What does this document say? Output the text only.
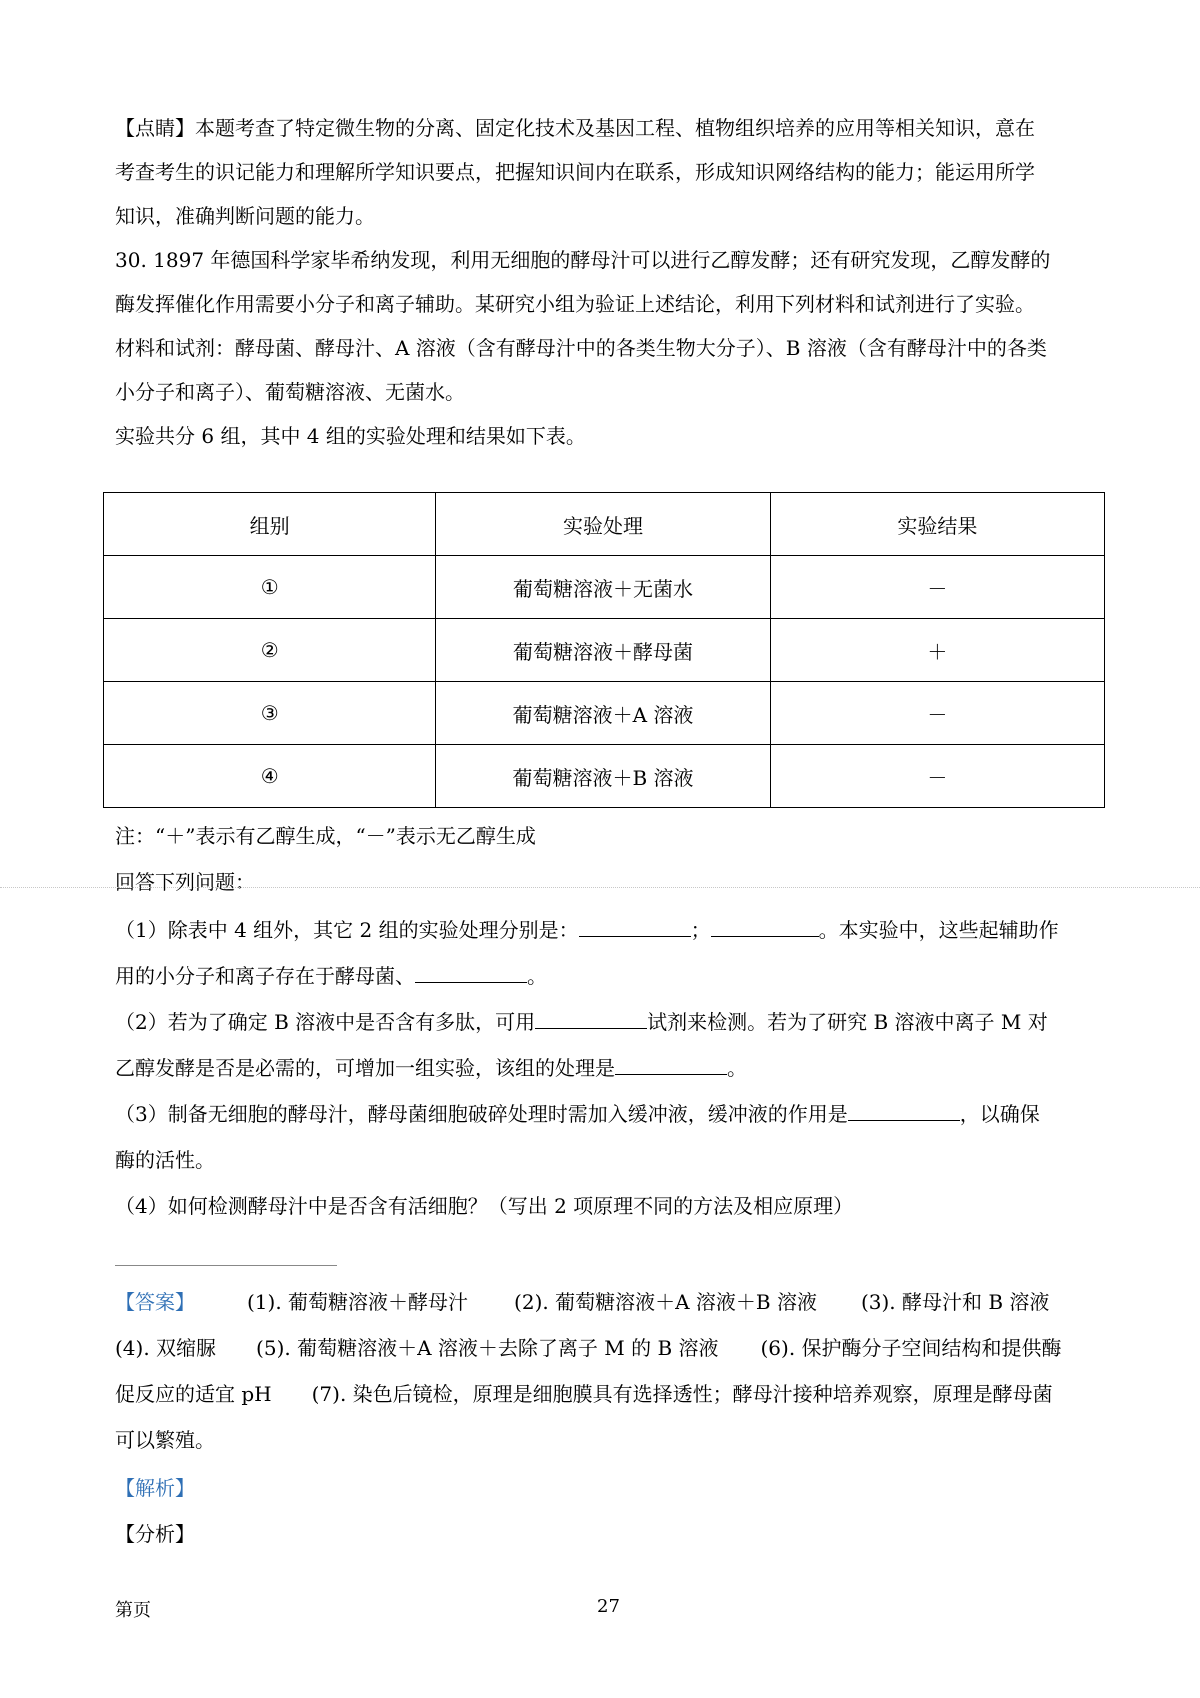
【点睛】本题考查了特定微生物的分离、固定化技术及基因工程、植物组织培养的应用等相关知识，意在
考查考生的识记能力和理解所学知识要点，把握知识间内在联系，形成知识网络结构的能力；能运用所学
知识，准确判断问题的能力。
30. 1897 年德国科学家毕希纳发现，利用无细胞的酵母汁可以进行乙醇发酵；还有研究发现，乙醇发酵的
酶发挥催化作用需要小分子和离子辅助。某研究小组为验证上述结论，利用下列材料和试剂进行了实验。
材料和试剂：酵母菌、酵母汁、A 溶液（含有酵母汁中的各类生物大分子）、B 溶液（含有酵母汁中的各类
小分子和离子）、葡萄糖溶液、无菌水。
实验共分 6 组，其中 4 组的实验处理和结果如下表。
组别	实验处理	实验结果
①	葡萄糖溶液＋无菌水	－
②	葡萄糖溶液＋酵母菌	＋
③	葡萄糖溶液＋A 溶液	－
④	葡萄糖溶液＋B 溶液	－
注：“＋”表示有乙醇生成，“－”表示无乙醇生成
回答下列问题：
（1）除表中 4 组外，其它 2 组的实验处理分别是：	；	。本实验中，这些起辅助作
用的小分子和离子存在于酵母菌、	。
（2）若为了确定 B 溶液中是否含有多肽，可用	试剂来检测。若为了研究 B 溶液中离子 M 对
乙醇发酵是否是必需的，可增加一组实验，该组的处理是	。
（3）制备无细胞的酵母汁，酵母菌细胞破碎处理时需加入缓冲液，缓冲液的作用是	，以确保
酶的活性。
（4）如何检测酵母汁中是否含有活细胞？（写出 2 项原理不同的方法及相应原理）
【答案】	(1). 葡萄糖溶液＋酵母汁 (2). 葡萄糖溶液＋A 溶液＋B 溶液 (3). 酵母汁和 B 溶液
(4). 双缩脲 (5). 葡萄糖溶液＋A 溶液＋去除了离子 M 的 B 溶液 (6). 保护酶分子空间结构和提供酶
促反应的适宜 pH (7). 染色后镜检，原理是细胞膜具有选择透性；酵母汁接种培养观察，原理是酵母菌
可以繁殖。
【解析】
【分析】
第页	27
